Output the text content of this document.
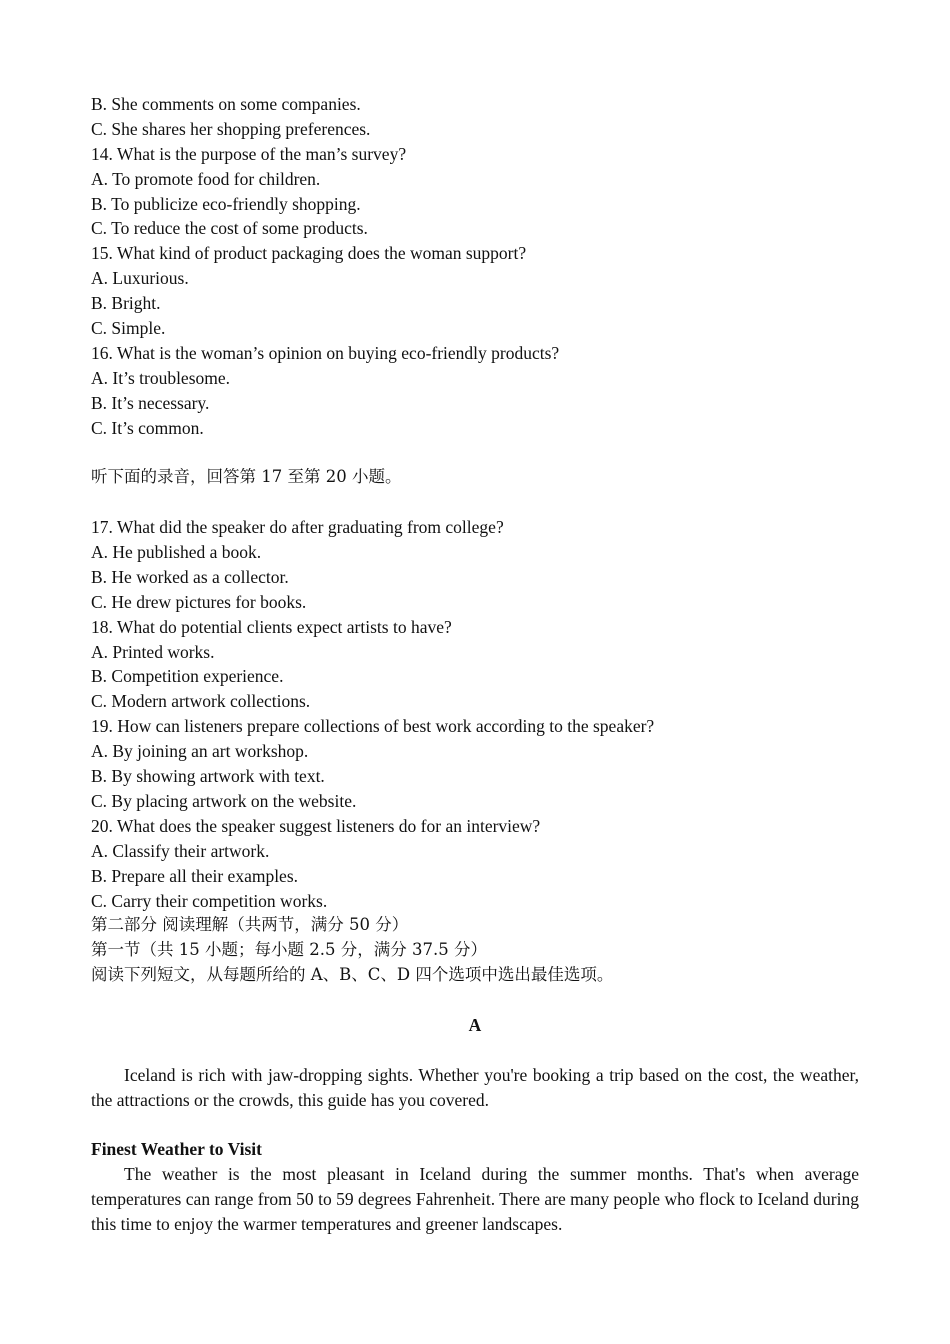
B. She comments on some companies.
C. She shares her shopping preferences.
14. What is the purpose of the man’s survey?
A. To promote food for children.
B. To publicize eco-friendly shopping.
C. To reduce the cost of some products.
15. What kind of product packaging does the woman support?
A. Luxurious.
B. Bright.
C. Simple.
16. What is the woman’s opinion on buying eco-friendly products?
A. It’s troublesome.
B. It’s necessary.
C. It’s common.
听下面的录音，回答第 17 至第 20 小题。
17. What did the speaker do after graduating from college?
A. He published a book.
B. He worked as a collector.
C. He drew pictures for books.
18. What do potential clients expect artists to have?
A. Printed works.
B. Competition experience.
C. Modern artwork collections.
19. How can listeners prepare collections of best work according to the speaker?
A. By joining an art workshop.
B. By showing artwork with text.
C. By placing artwork on the website.
20. What does the speaker suggest listeners do for an interview?
A. Classify their artwork.
B. Prepare all their examples.
C. Carry their competition works.
第二部分 阅读理解（共两节，满分 50 分）
第一节（共 15 小题；每小题 2.5 分，满分 37.5 分）
阅读下列短文，从每题所给的 A、B、C、D 四个选项中选出最佳选项。
A

Iceland is rich with jaw-dropping sights. Whether you're booking a trip based on the cost, the weather, the attractions or the crowds, this guide has you covered.

Finest Weather to Visit

The weather is the most pleasant in Iceland during the summer months. That's when average temperatures can range from 50 to 59 degrees Fahrenheit. There are many people who flock to Iceland during this time to enjoy the warmer temperatures and greener landscapes.
